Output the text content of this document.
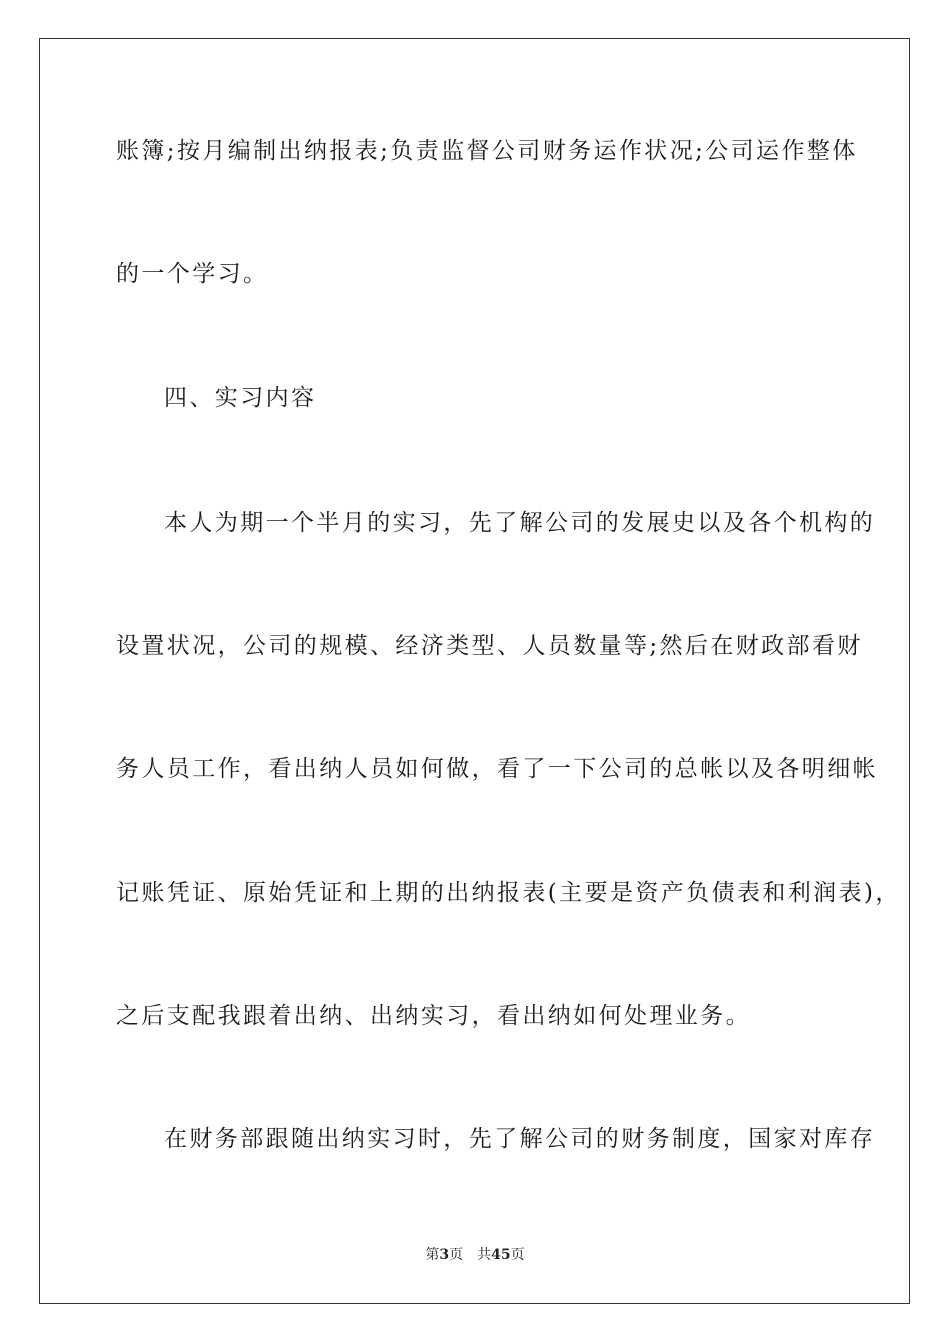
账簿;按月编制出纳报表;负责监督公司财务运作状况;公司运作整体
的一个学习。
四、实习内容
本人为期一个半月的实习，先了解公司的发展史以及各个机构的
设置状况，公司的规模、经济类型、人员数量等;然后在财政部看财
务人员工作，看出纳人员如何做，看了一下公司的总帐以及各明细帐
记账凭证、原始凭证和上期的出纳报表(主要是资产负债表和利润表)，
之后支配我跟着出纳、出纳实习，看出纳如何处理业务。
在财务部跟随出纳实习时，先了解公司的财务制度，国家对库存
第3页 共45页
